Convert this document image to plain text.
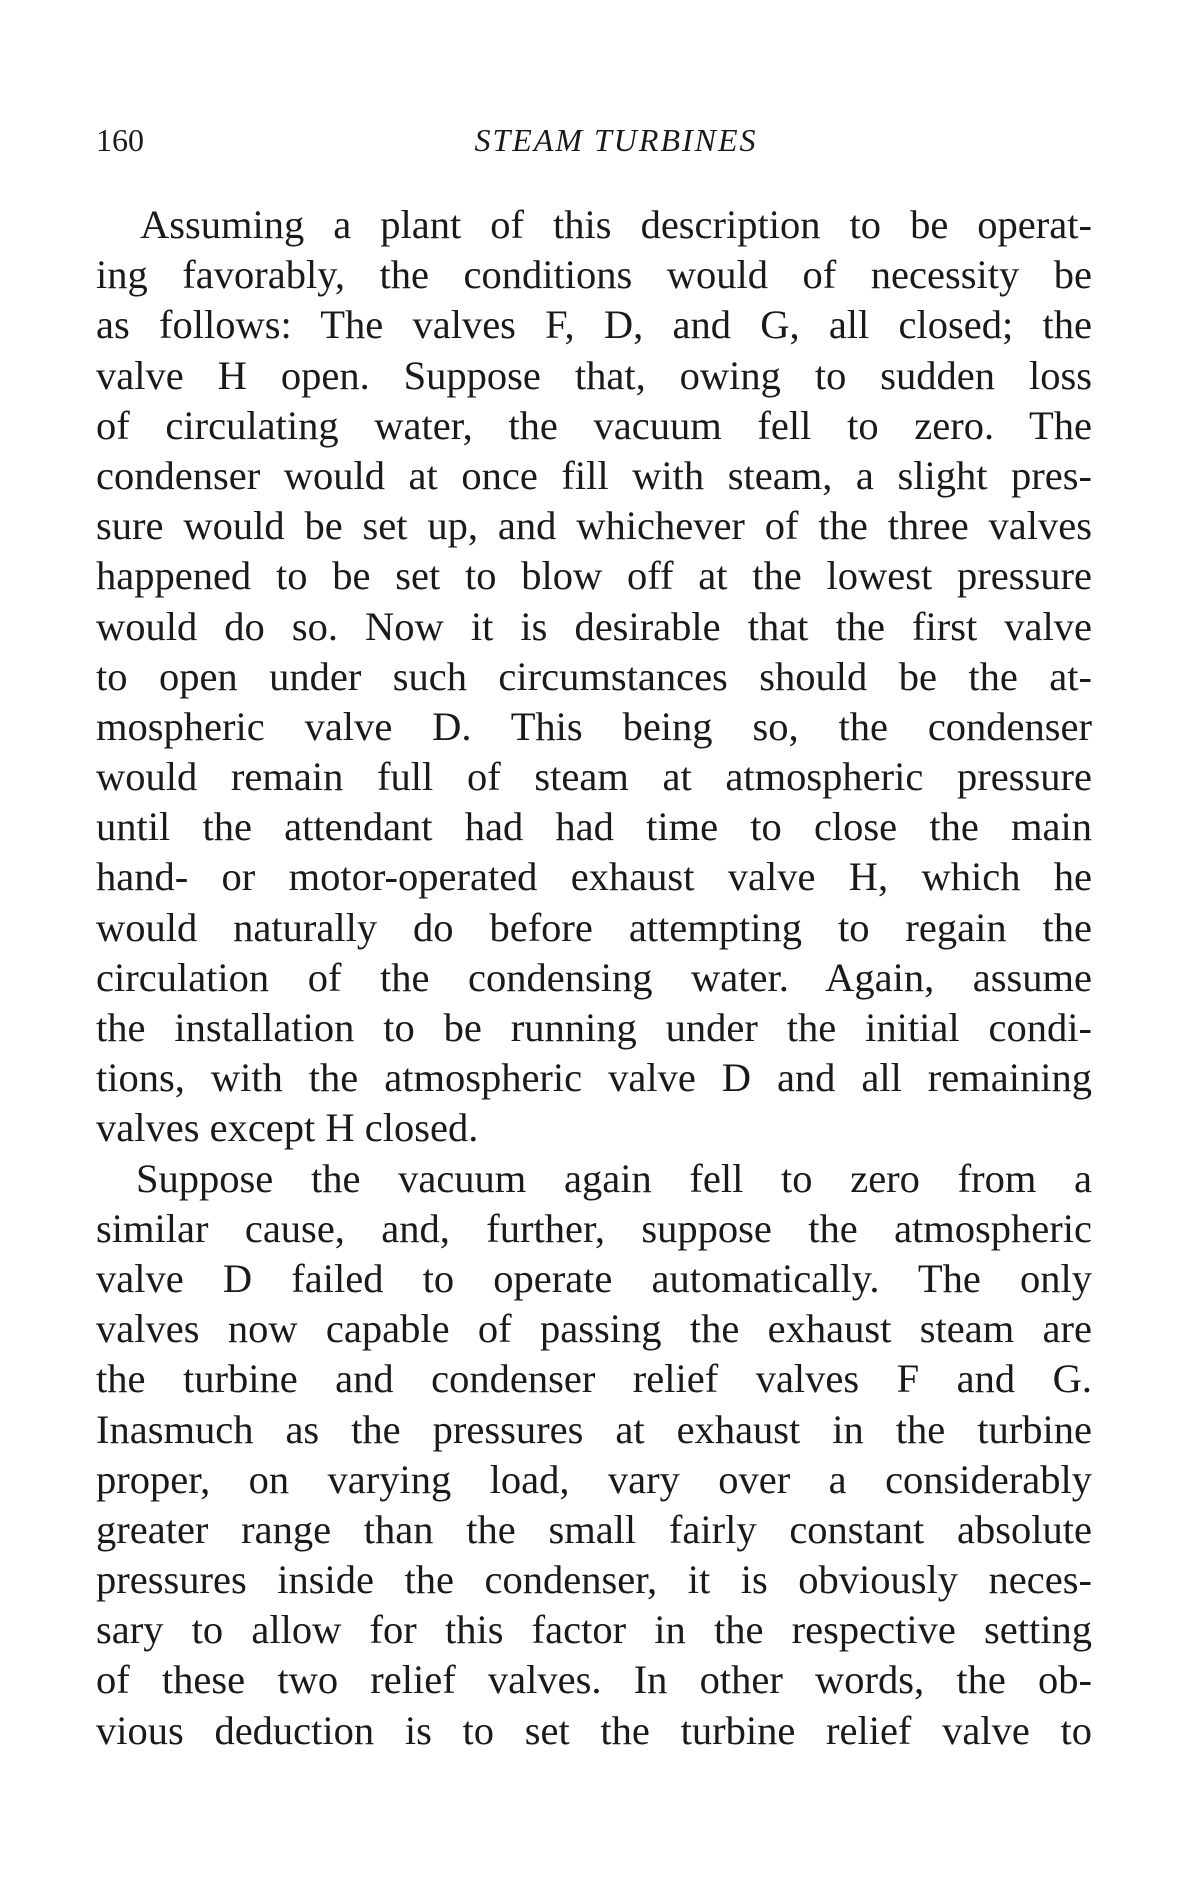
160	STEAM TURBINES
Assuming a plant of this description to be operat-
ing favorably, the conditions would of necessity be
as follows: The valves F, D, and G, all closed; the
valve H open. Suppose that, owing to sudden loss
of circulating water, the vacuum fell to zero. The
condenser would at once fill with steam, a slight pres-
sure would be set up, and whichever of the three valves
happened to be set to blow off at the lowest pressure
would do so. Now it is desirable that the first valve
to open under such circumstances should be the at-
mospheric valve D. This being so, the condenser
would remain full of steam at atmospheric pressure
until the attendant had had time to close the main
hand- or motor-operated exhaust valve H, which he
would naturally do before attempting to regain the
circulation of the condensing water. Again, assume
the installation to be running under the initial condi-
tions, with the atmospheric valve D and all remaining
valves except H closed.
Suppose the vacuum again fell to zero from a
similar cause, and, further, suppose the atmospheric
valve D failed to operate automatically. The only
valves now capable of passing the exhaust steam are
the turbine and condenser relief valves F and G.
Inasmuch as the pressures at exhaust in the turbine
proper, on varying load, vary over a considerably
greater range than the small fairly constant absolute
pressures inside the condenser, it is obviously neces-
sary to allow for this factor in the respective setting
of these two relief valves. In other words, the ob-
vious deduction is to set the turbine relief valve to
